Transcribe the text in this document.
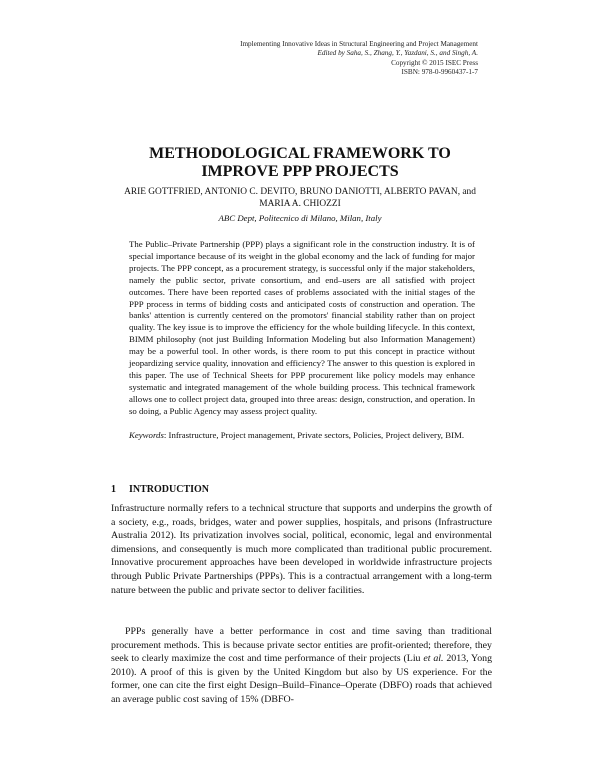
Implementing Innovative Ideas in Structural Engineering and Project Management
Edited by Saha, S., Zhang, Y., Yazdani, S., and Singh, A.
Copyright © 2015 ISEC Press
ISBN: 978-0-9960437-1-7
METHODOLOGICAL FRAMEWORK TO
IMPROVE PPP PROJECTS
ARIE GOTTFRIED, ANTONIO C. DEVITO, BRUNO DANIOTTI, ALBERTO PAVAN, and
MARIA A. CHIOZZI
ABC Dept, Politecnico di Milano, Milan, Italy

The Public–Private Partnership (PPP) plays a significant role in the construction industry. It is of special importance because of its weight in the global economy and the lack of funding for major projects. The PPP concept, as a procurement strategy, is successful only if the major stakeholders, namely the public sector, private consortium, and end–users are all satisfied with project outcomes. There have been reported cases of problems associated with the initial stages of the PPP process in terms of bidding costs and anticipated costs of construction and operation. The banks' attention is currently centered on the promotors' financial stability rather than on project quality. The key issue is to improve the efficiency for the whole building lifecycle. In this context, BIMM philosophy (not just Building Information Modeling but also Information Management) may be a powerful tool. In other words, is there room to put this concept in practice without jeopardizing service quality, innovation and efficiency? The answer to this question is explored in this paper. The use of Technical Sheets for PPP procurement like policy models may enhance systematic and integrated management of the whole building process. This technical framework allows one to collect project data, grouped into three areas: design, construction, and operation. In so doing, a Public Agency may assess project quality.

Keywords: Infrastructure, Project management, Private sectors, Policies, Project delivery, BIM.

1 INTRODUCTION

Infrastructure normally refers to a technical structure that supports and underpins the growth of a society, e.g., roads, bridges, water and power supplies, hospitals, and prisons (Infrastructure Australia 2012). Its privatization involves social, political, economic, legal and environmental dimensions, and consequently is much more complicated than traditional public procurement. Innovative procurement approaches have been developed in worldwide infrastructure projects through Public Private Partnerships (PPPs). This is a contractual arrangement with a long-term nature between the public and private sector to deliver facilities.

PPPs generally have a better performance in cost and time saving than traditional procurement methods. This is because private sector entities are profit-oriented; therefore, they seek to clearly maximize the cost and time performance of their projects (Liu et al. 2013, Yong 2010). A proof of this is given by the United Kingdom but also by US experience. For the former, one can cite the first eight Design–Build–Finance–Operate (DBFO) roads that achieved an average public cost saving of 15% (DBFO-
